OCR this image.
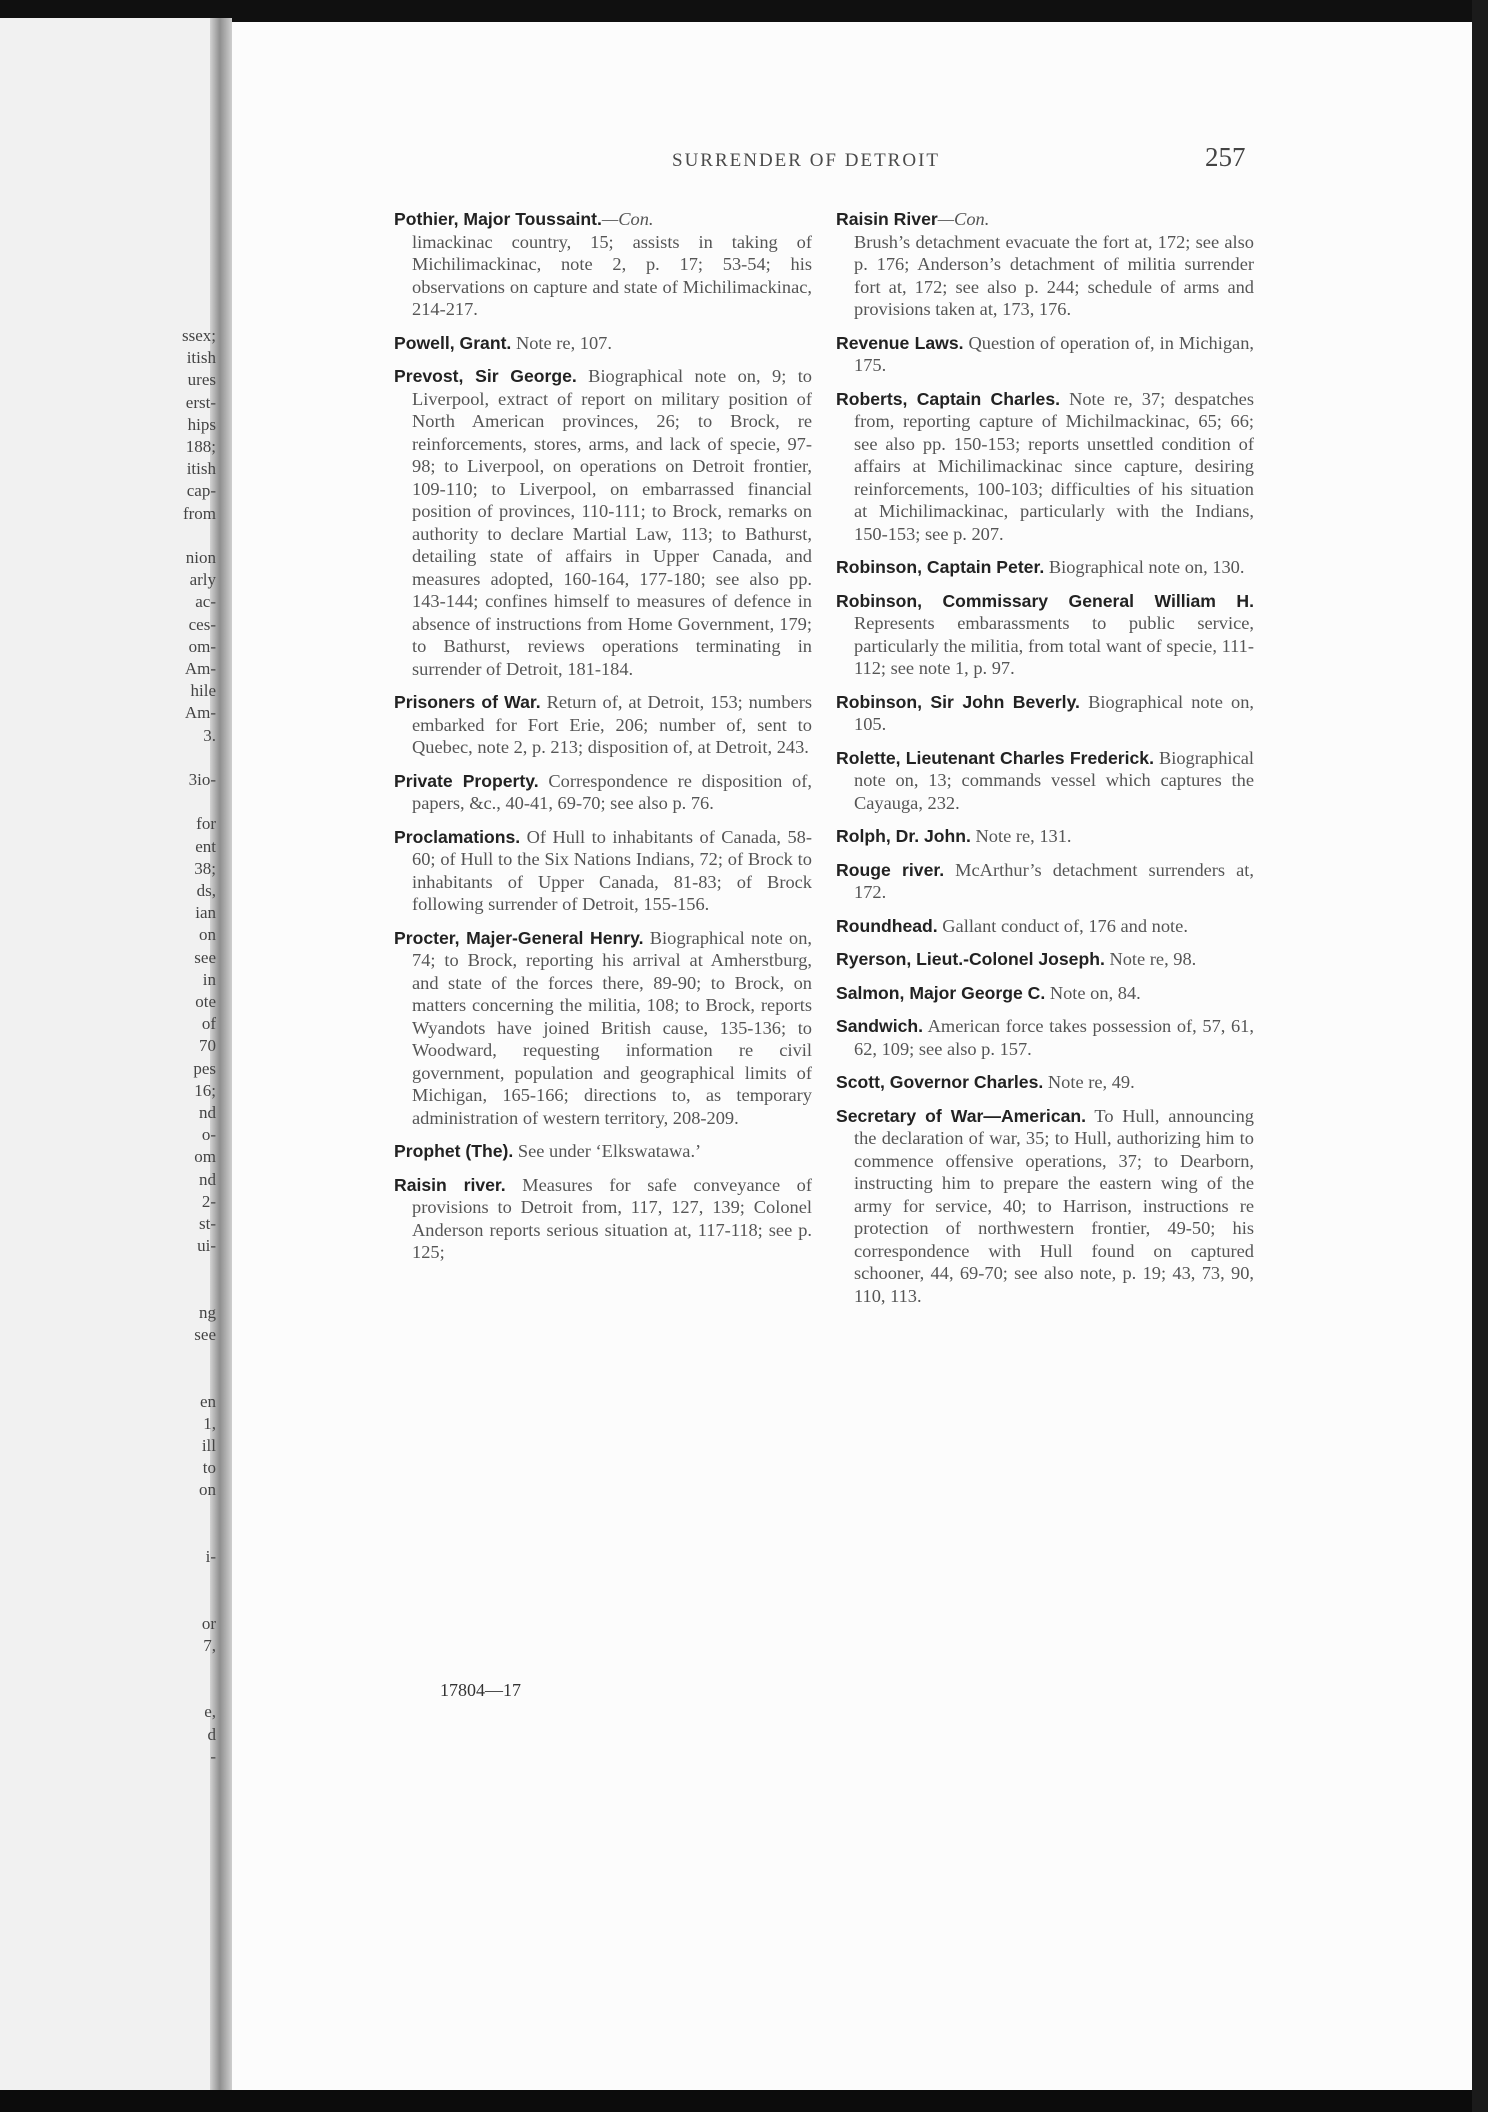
ssex;
itish
ures
erst-
hips
188;
itish
cap-
from
nion
arly
ac-
ces-
om-
Am-
hile
Am-
3.
3io-
for
ent
38;
ds,
ian
on
see
in
ote
of
70
pes
16;
nd
o-
om
nd
2-
st-
ui-
ng
see
en
1,
ill
to
on
i-
or
7,
e,
d
-
SURRENDER OF DETROIT	257
Pothier, Major Toussaint.—Con.
limackinac country, 15; assists in taking of Michilimackinac, note 2, p. 17; 53-54; his observations on capture and state of Michilimackinac, 214-217.
Powell, Grant. Note re, 107.
Prevost, Sir George. Biographical note on, 9; to Liverpool, extract of report on military position of North American provinces, 26; to Brock, re reinforcements, stores, arms, and lack of specie, 97-98; to Liverpool, on operations on Detroit frontier, 109-110; to Liverpool, on embarrassed financial position of provinces, 110-111; to Brock, remarks on authority to declare Martial Law, 113; to Bathurst, detailing state of affairs in Upper Canada, and measures adopted, 160-164, 177-180; see also pp. 143-144; confines himself to measures of defence in absence of instructions from Home Government, 179; to Bathurst, reviews operations terminating in surrender of Detroit, 181-184.
Prisoners of War. Return of, at Detroit, 153; numbers embarked for Fort Erie, 206; number of, sent to Quebec, note 2, p. 213; disposition of, at Detroit, 243.
Private Property. Correspondence re disposition of, papers, &c., 40-41, 69-70; see also p. 76.
Proclamations. Of Hull to inhabitants of Canada, 58-60; of Hull to the Six Nations Indians, 72; of Brock to inhabitants of Upper Canada, 81-83; of Brock following surrender of Detroit, 155-156.
Procter, Majer-General Henry. Biographical note on, 74; to Brock, reporting his arrival at Amherstburg, and state of the forces there, 89-90; to Brock, on matters concerning the militia, 108; to Brock, reports Wyandots have joined British cause, 135-136; to Woodward, requesting information re civil government, population and geographical limits of Michigan, 165-166; directions to, as temporary administration of western territory, 208-209.
Prophet (The). See under ‘Elkswatawa.’
Raisin river. Measures for safe conveyance of provisions to Detroit from, 117, 127, 139; Colonel Anderson reports serious situation at, 117-118; see p. 125;
Raisin River—Con.
Brush’s detachment evacuate the fort at, 172; see also p. 176; Anderson’s detachment of militia surrender fort at, 172; see also p. 244; schedule of arms and provisions taken at, 173, 176.
Revenue Laws. Question of operation of, in Michigan, 175.
Roberts, Captain Charles. Note re, 37; despatches from, reporting capture of Michilmackinac, 65; 66; see also pp. 150-153; reports unsettled condition of affairs at Michilimackinac since capture, desiring reinforcements, 100-103; difficulties of his situation at Michilimackinac, particularly with the Indians, 150-153; see p. 207.
Robinson, Captain Peter. Biographical note on, 130.
Robinson, Commissary General William H. Represents embarassments to public service, particularly the militia, from total want of specie, 111-112; see note 1, p. 97.
Robinson, Sir John Beverly. Biographical note on, 105.
Rolette, Lieutenant Charles Frederick. Biographical note on, 13; commands vessel which captures the Cayauga, 232.
Rolph, Dr. John. Note re, 131.
Rouge river. McArthur’s detachment surrenders at, 172.
Roundhead. Gallant conduct of, 176 and note.
Ryerson, Lieut.-Colonel Joseph. Note re, 98.
Salmon, Major George C. Note on, 84.
Sandwich. American force takes possession of, 57, 61, 62, 109; see also p. 157.
Scott, Governor Charles. Note re, 49.
Secretary of War—American. To Hull, announcing the declaration of war, 35; to Hull, authorizing him to commence offensive operations, 37; to Dearborn, instructing him to prepare the eastern wing of the army for service, 40; to Harrison, instructions re protection of northwestern frontier, 49-50; his correspondence with Hull found on captured schooner, 44, 69-70; see also note, p. 19; 43, 73, 90, 110, 113.
17804—17
